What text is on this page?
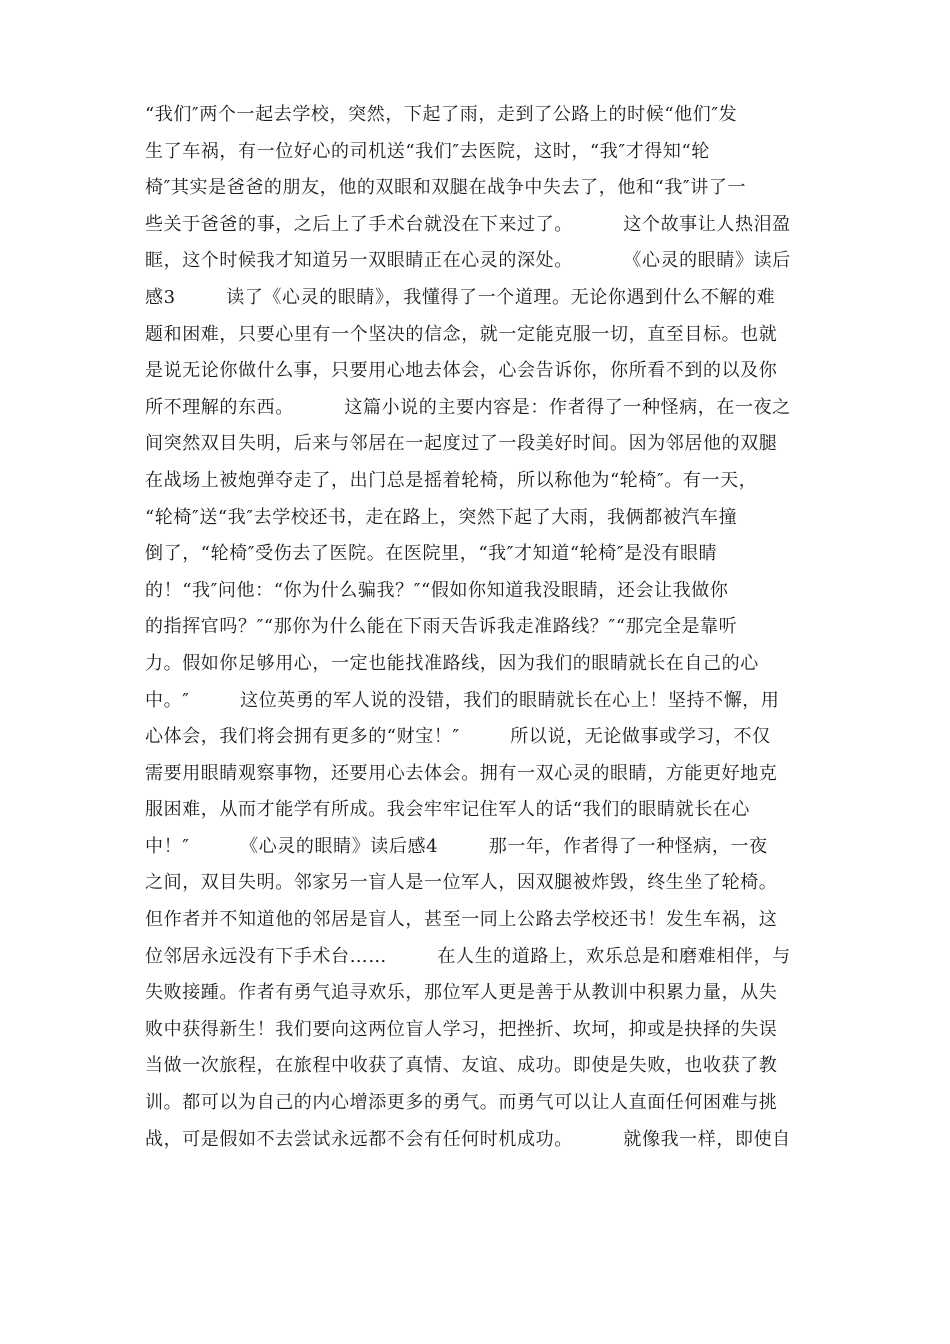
“我们″两个一起去学校，突然，下起了雨，走到了公路上的时候“他们″发
生了车祸，有一位好心的司机送“我们″去医院，这时，“我″才得知“轮
椅″其实是爸爸的朋友，他的双眼和双腿在战争中失去了，他和“我″讲了一
些关于爸爸的事，之后上了手术台就没在下来过了。        这个故事让人热泪盈
眶，这个时候我才知道另一双眼睛正在心灵的深处。        《心灵的眼睛》读后
感3        读了《心灵的眼睛》，我懂得了一个道理。无论你遇到什么不解的难
题和困难，只要心里有一个坚决的信念，就一定能克服一切，直至目标。也就
是说无论你做什么事，只要用心地去体会，心会告诉你，你所看不到的以及你
所不理解的东西。        这篇小说的主要内容是：作者得了一种怪病，在一夜之
间突然双目失明，后来与邻居在一起度过了一段美好时间。因为邻居他的双腿
在战场上被炮弹夺走了，出门总是摇着轮椅，所以称他为“轮椅″。有一天，
“轮椅″送“我″去学校还书，走在路上，突然下起了大雨，我俩都被汽车撞
倒了，“轮椅″受伤去了医院。在医院里，“我″才知道“轮椅″是没有眼睛
的！“我″问他：“你为什么骗我？″“假如你知道我没眼睛，还会让我做你
的指挥官吗？″“那你为什么能在下雨天告诉我走准路线？″“那完全是靠听
力。假如你足够用心，一定也能找准路线，因为我们的眼睛就长在自己的心
中。″        这位英勇的军人说的没错，我们的眼睛就长在心上！坚持不懈，用
心体会，我们将会拥有更多的“财宝！″        所以说，无论做事或学习，不仅
需要用眼睛观察事物，还要用心去体会。拥有一双心灵的眼睛，方能更好地克
服困难，从而才能学有所成。我会牢牢记住军人的话“我们的眼睛就长在心
中！″        《心灵的眼睛》读后感4        那一年，作者得了一种怪病，一夜
之间，双目失明。邻家另一盲人是一位军人，因双腿被炸毁，终生坐了轮椅。
但作者并不知道他的邻居是盲人，甚至一同上公路去学校还书！发生车祸，这
位邻居永远没有下手术台……        在人生的道路上，欢乐总是和磨难相伴，与
失败接踵。作者有勇气追寻欢乐，那位军人更是善于从教训中积累力量，从失
败中获得新生！我们要向这两位盲人学习，把挫折、坎坷，抑或是抉择的失误
当做一次旅程，在旅程中收获了真情、友谊、成功。即使是失败，也收获了教
训。都可以为自己的内心增添更多的勇气。而勇气可以让人直面任何困难与挑
战，可是假如不去尝试永远都不会有任何时机成功。        就像我一样，即使自
